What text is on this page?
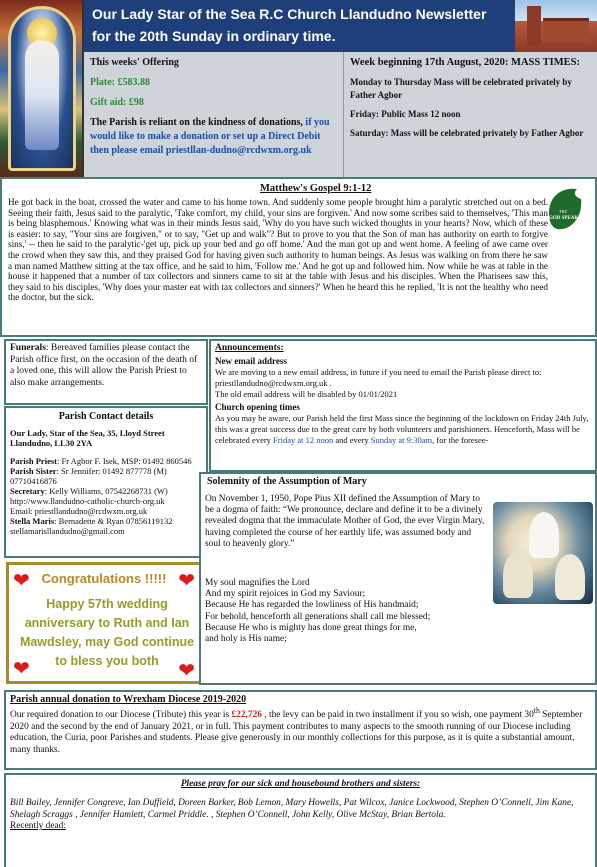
Our Lady Star of the Sea R.C Church Llandudno Newsletter
for the 20th Sunday in ordinary time.
This weeks' Offering
Plate: £583.88
Gift aid: £98
The Parish is reliant on the kindness of donations, if you would like to make a donation or set up a Direct Debit then please email priestllan-dudno@rcdwxm.org.uk
Week beginning 17th August, 2020: MASS TIMES:
Monday to Thursday Mass will be celebrated privately by Father Agbor
Friday: Public Mass 12 noon
Saturday: Mass will be celebrated privately by Father Agbor
Matthew's Gospel 9:1-12
He got back in the boat, crossed the water and came to his home town. And suddenly some people brought him a paralytic stretched out on a bed. Seeing their faith, Jesus said to the paralytic, 'Take comfort, my child, your sins are forgiven.' And now some scribes said to themselves, 'This man is being blasphemous.' Knowing what was in their minds Jesus said, 'Why do you have such wicked thoughts in your hearts? Now, which of these is easier: to say, "Your sins are forgiven," or to say, "Get up and walk"? But to prove to you that the Son of man has authority on earth to forgive sins,' -- then he said to the paralytic-'get up, pick up your bed and go off home.' And the man got up and went home. A feeling of awe came over the crowd when they saw this, and they praised God for having given such authority to human beings. As Jesus was walking on from there he saw a man named Matthew sitting at the tax office, and he said to him, 'Follow me.' And he got up and followed him. Now while he was at table in the house it happened that a number of tax collectors and sinners came to sit at the table with Jesus and his disciples. When the Pharisees saw this, they said to his disciples, 'Why does your master eat with tax collectors and sinners?' When he heard this he replied, 'It is not the healthy who need the doctor, but the sick.
THE
GOD SPEAKS
Funerals: Bereaved families please contact the Parish office first, on the occasion of the death of a loved one, this will allow the Parish Priest to also make arrangements.
Parish Contact details
Our Lady, Star of the Sea, 35, Lloyd Street Llandudno, LL30 2YA
Parish Priest: Fr Agbor F. Isek, MSP: 01492 860546
Parish Sister: Sr Jennifer: 01492 877778 (M) 07710416876
Secretary: Kelly Williams, 07542268731 (W)
http://www.llandudno-catholic-church-org.uk
Email: priestllandudno@rcdwxm.org.uk
Stella Maris: Bernadette & Ryan 07856119132
stellamarisllandudno@gmail.com
❤	❤
❤	❤
Congratulations !!!!!
Happy 57th wedding anniversary to Ruth and Ian Mawdsley, may God continue to bless you both
Announcements:
New email address
We are moving to a new email address, in future if you need to email the Parish please direct to: priestllandudno@rcdwxm.org.uk .
The old email address will be disabled by 01/01/2021
Church opening times
As you may be aware, our Parish held the first Mass since the beginning of the lockdown on Friday 24th July, this was a great success due to the great care by both volunteers and parishioners. Henceforth, Mass will be celebrated every Friday at 12 noon and every Sunday at 9:30am, for the foresee-
Solemnity of the Assumption of Mary
On November 1, 1950, Pope Pius XII defined the Assumption of Mary to be a dogma of faith: “We pronounce, declare and define it to be a divinely revealed dogma that the immaculate Mother of God, the ever Virgin Mary, having completed the course of her earthly life, was assumed body and soul to heavenly glory.”
My soul magnifies the Lord
And my spirit rejoices in God my Saviour;
Because He has regarded the lowliness of His handmaid;
For behold, henceforth all generations shall call me blessed;
Because He who is mighty has done great things for me,
and holy is His name;
Parish annual donation to Wrexham Diocese 2019-2020
Our required donation to our Diocese (Tribute) this year is £22,726 , the levy can be paid in two installment if you so wish, one payment 30th September 2020 and the second by the end of January 2021, or in full. This payment contributes to many aspects to the smooth running of our Diocese including education, the Curia, poor Parishes and students. Please give generously in our monthly collections for this purpose, as it is quite a substantial amount, many thanks.
Please pray for our sick and housebound brothers and sisters:
Bill Bailey, Jennifer Congreve, Ian Duffield, Doreen Barker, Bob Lemon, Mary Howells, Pat Wilcox, Janice Lockwood, Stephen O’Connell, Jim Kane, Shelagh Scraggs , Jennifer Hamlett, Carmel Priddle. , Stephen O’Connell, John Kelly, Olive McStay, Brian Bertola.
Recently dead:
